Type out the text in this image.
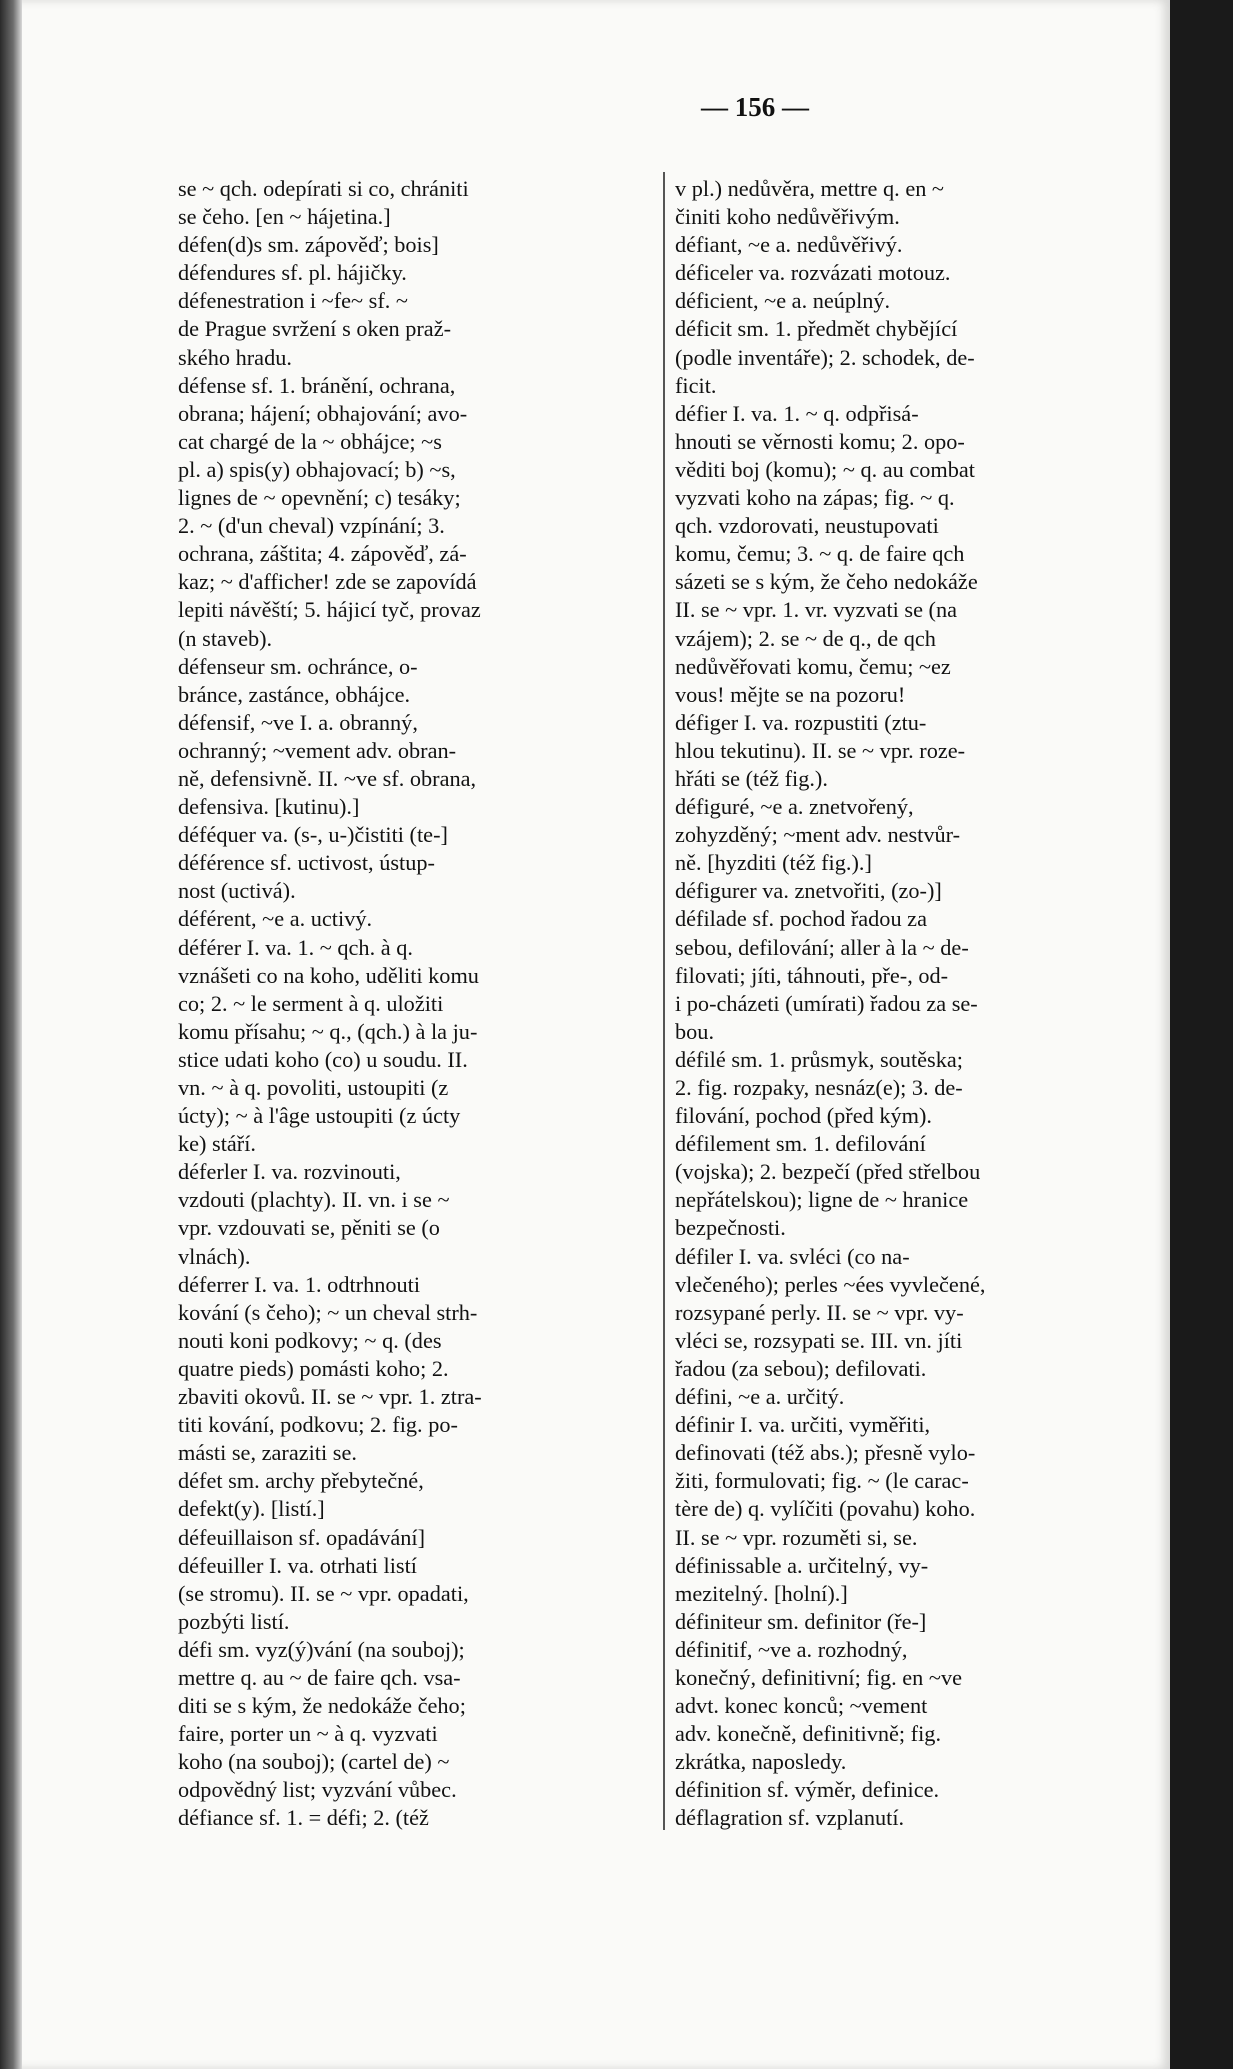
— 156 —
se ~ qch. odepírati si co, chrániti
se čeho. [en ~ hájetina.]
défen(d)s sm. zápověď; bois]
défendures sf. pl. hájičky.
défenestration i ~fe~ sf. ~
de Prague svržení s oken praž-
ského hradu.
défense sf. 1. bránění, ochrana,
obrana; hájení; obhajování; avo-
cat chargé de la ~ obhájce; ~s
pl. a) spis(y) obhajovací; b) ~s,
lignes de ~ opevnění; c) tesáky;
2. ~ (d'un cheval) vzpínání; 3.
ochrana, záštita; 4. zápověď, zá-
kaz; ~ d'afficher! zde se zapovídá
lepiti návěští; 5. hájicí tyč, provaz
(n staveb).
défenseur sm. ochránce, o-
bránce, zastánce, obhájce.
défensif, ~ve I. a. obranný,
ochranný; ~vement adv. obran-
ně, defensivně. II. ~ve sf. obrana,
defensiva. [kutinu).]
déféquer va. (s-, u-)čistiti (te-]
déférence sf. uctivost, ústup-
nost (uctivá).
déférent, ~e a. uctivý.
déférer I. va. 1. ~ qch. à q.
vznášeti co na koho, uděliti komu
co; 2. ~ le serment à q. uložiti
komu přísahu; ~ q., (qch.) à la ju-
stice udati koho (co) u soudu. II.
vn. ~ à q. povoliti, ustoupiti (z
úcty); ~ à l'âge ustoupiti (z úcty
ke) stáří.
déferler I. va. rozvinouti,
vzdouti (plachty). II. vn. i se ~
vpr. vzdouvati se, pěniti se (o
vlnách).
déferrer I. va. 1. odtrhnouti
kování (s čeho); ~ un cheval strh-
nouti koni podkovy; ~ q. (des
quatre pieds) pomásti koho; 2.
zbaviti okovů. II. se ~ vpr. 1. ztra-
titi kování, podkovu; 2. fig. po-
másti se, zaraziti se.
défet sm. archy přebytečné,
defekt(y). [listí.]
défeuillaison sf. opadávání]
défeuiller I. va. otrhati listí
(se stromu). II. se ~ vpr. opadati,
pozbýti listí.
défi sm. vyz(ý)vání (na souboj);
mettre q. au ~ de faire qch. vsa-
diti se s kým, že nedokáže čeho;
faire, porter un ~ à q. vyzvati
koho (na souboj); (cartel de) ~
odpovědný list; vyzvání vůbec.
défiance sf. 1. = défi; 2. (též
v pl.) nedůvěra, mettre q. en ~
činiti koho nedůvěřivým.
défiant, ~e a. nedůvěřivý.
déficeler va. rozvázati motouz.
déficient, ~e a. neúplný.
déficit sm. 1. předmět chybějící
(podle inventáře); 2. schodek, de-
ficit.
défier I. va. 1. ~ q. odpřisá-
hnouti se věrnosti komu; 2. opo-
věditi boj (komu); ~ q. au combat
vyzvati koho na zápas; fig. ~ q.
qch. vzdorovati, neustupovati
komu, čemu; 3. ~ q. de faire qch
sázeti se s kým, že čeho nedokáže
II. se ~ vpr. 1. vr. vyzvati se (na
vzájem); 2. se ~ de q., de qch
nedůvěřovati komu, čemu; ~ez
vous! mějte se na pozoru!
défiger I. va. rozpustiti (ztu-
hlou tekutinu). II. se ~ vpr. roze-
hřáti se (též fig.).
défiguré, ~e a. znetvořený,
zohyzděný; ~ment adv. nestvůr-
ně. [hyzditi (též fig.).]
défigurer va. znetvořiti, (zo-)]
défilade sf. pochod řadou za
sebou, defilování; aller à la ~ de-
filovati; jíti, táhnouti, pře-, od-
i po-cházeti (umírati) řadou za se-
bou.
défilé sm. 1. průsmyk, soutěska;
2. fig. rozpaky, nesnáz(e); 3. de-
filování, pochod (před kým).
défilement sm. 1. defilování
(vojska); 2. bezpečí (před střelbou
nepřátelskou); ligne de ~ hranice
bezpečnosti.
défiler I. va. svléci (co na-
vlečeného); perles ~ées vyvlečené,
rozsypané perly. II. se ~ vpr. vy-
vléci se, rozsypati se. III. vn. jíti
řadou (za sebou); defilovati.
défini, ~e a. určitý.
définir I. va. určiti, vyměřiti,
definovati (též abs.); přesně vylo-
žiti, formulovati; fig. ~ (le carac-
tère de) q. vylíčiti (povahu) koho.
II. se ~ vpr. rozuměti si, se.
définissable a. určitelný, vy-
mezitelný. [holní).]
définiteur sm. definitor (ře-]
définitif, ~ve a. rozhodný,
konečný, definitivní; fig. en ~ve
advt. konec konců; ~vement
adv. konečně, definitivně; fig.
zkrátka, naposledy.
définition sf. výměr, definice.
déflagration sf. vzplanutí.
